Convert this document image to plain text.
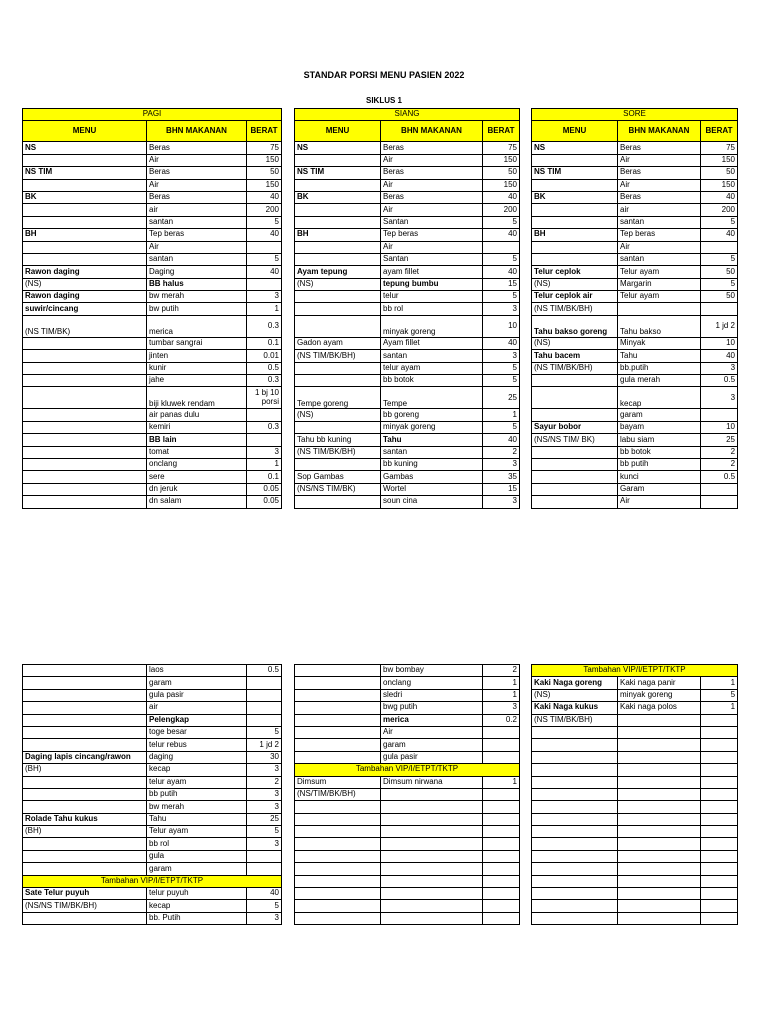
STANDAR PORSI MENU PASIEN 2022
SIKLUS 1
PAGI		
MENU	BHN MAKANAN	BERAT
NS	Beras	75
	Air	150
NS TIM	Beras	50
	Air	150
BK	Beras	40
	air	200
	santan	5
BH	Tep beras	40
	Air	
	santan	5
Rawon daging	Daging	40
(NS)	BB halus	
Rawon daging	bw merah	3
suwir/cincang	bw putih	1
(NS TIM/BK)	merica	0.3
	tumbar sangrai	0.1
	jinten	0.01
	kunir	0.5
	jahe	0.3
	biji kluwek rendam	1 bj 10 porsi
	air panas dulu	
	kemiri	0.3
	BB lain	
	tomat	3
	onclang	1
	sere	0.1
	dn jeruk	0.05
	dn salam	0.05
SIANG		
MENU	BHN MAKANAN	BERAT
NS	Beras	75
	Air	150
NS TIM	Beras	50
	Air	150
BK	Beras	40
	Air	200
	Santan	5
BH	Tep beras	40
	Air	
	Santan	5
Ayam tepung	ayam fillet	40
(NS)	tepung bumbu	15
	telur	5
	bb rol	3
	minyak goreng	10
Gadon ayam	Ayam fillet	40
(NS TIM/BK/BH)	santan	3
	telur ayam	5
	bb botok	5
Tempe goreng	Tempe	25
(NS)	bb goreng	1
	minyak goreng	5
Tahu bb kuning	Tahu	40
(NS TIM/BK/BH)	santan	2
	bb kuning	3
Sop Gambas	Gambas	35
(NS/NS TIM/BK)	Wortel	15
	soun cina	3
SORE		
MENU	BHN MAKANAN	BERAT
NS	Beras	75
	Air	150
NS TIM	Beras	50
	Air	150
BK	Beras	40
	air	200
	santan	5
BH	Tep beras	40
	Air	
	santan	5
Telur ceplok	Telur ayam	50
(NS)	Margarin	5
Telur ceplok air	Telur ayam	50
(NS TIM/BK/BH)		
Tahu bakso goreng	Tahu bakso	1 jd 2
(NS)	Minyak	10
Tahu bacem	Tahu	40
(NS TIM/BK/BH)	bb.putih	3
	gula merah	0.5
	kecap	3
	garam	
Sayur bobor	bayam	10
(NS/NS TIM/ BK)	labu siam	25
	bb botok	2
	bb putih	2
	kunci	0.5
	Garam	
	Air	
	laos	0.5
	garam	
	gula pasir	
	air	
	Pelengkap	
	toge besar	5
	telur rebus	1 jd 2
Daging lapis cincang/rawon	daging	30
(BH)	kecap	3
	telur ayam	2
	bb putih	3
	bw merah	3
Rolade Tahu kukus	Tahu	25
(BH)	Telur ayam	5
	bb rol	3
	gula	
	garam	
Tambahan VIP/I/ETPT/TKTP		
Sate Telur puyuh	telur puyuh	40
(NS/NS TIM/BK/BH)	kecap	5
	bb. Putih	3
	bw bombay	2
	onclang	1
	sledri	1
	bwg putih	3
	merica	0.2
	Air	
	garam	
	gula pasir	
Tambahan VIP/I/ETPT/TKTP		
Dimsum	Dimsum nirwana	1
(NS/TIM/BK/BH)		

Tambahan VIP/I/ETPT/TKTP		
Kaki Naga goreng	Kaki naga panir	1
(NS)	minyak goreng	5
Kaki Naga kukus	Kaki naga polos	1
(NS TIM/BK/BH)		
